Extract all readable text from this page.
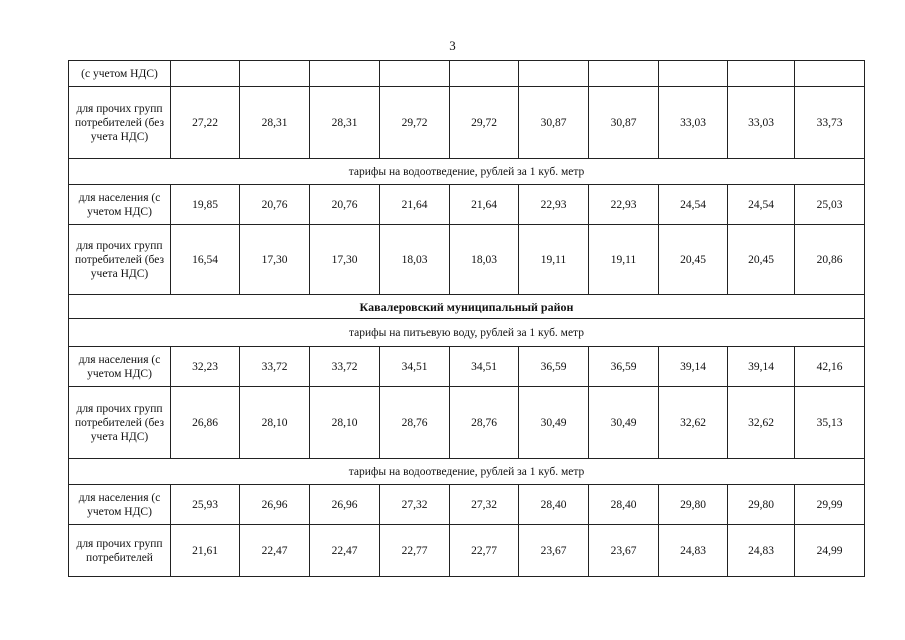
3
(с учетом НДС)										
для прочих групп потребителей (без учета НДС)	27,22	28,31	28,31	29,72	29,72	30,87	30,87	33,03	33,03	33,73
тарифы на водоотведение, рублей за 1 куб. метр										
для населения (с учетом НДС)	19,85	20,76	20,76	21,64	21,64	22,93	22,93	24,54	24,54	25,03
для прочих групп потребителей (без учета НДС)	16,54	17,30	17,30	18,03	18,03	19,11	19,11	20,45	20,45	20,86
Кавалеровский муниципальный район										
тарифы на питьевую воду, рублей за 1 куб. метр										
для населения (с учетом НДС)	32,23	33,72	33,72	34,51	34,51	36,59	36,59	39,14	39,14	42,16
для прочих групп потребителей (без учета НДС)	26,86	28,10	28,10	28,76	28,76	30,49	30,49	32,62	32,62	35,13
тарифы на водоотведение, рублей за 1 куб. метр										
для населения (с учетом НДС)	25,93	26,96	26,96	27,32	27,32	28,40	28,40	29,80	29,80	29,99
для прочих групп потребителей	21,61	22,47	22,47	22,77	22,77	23,67	23,67	24,83	24,83	24,99
